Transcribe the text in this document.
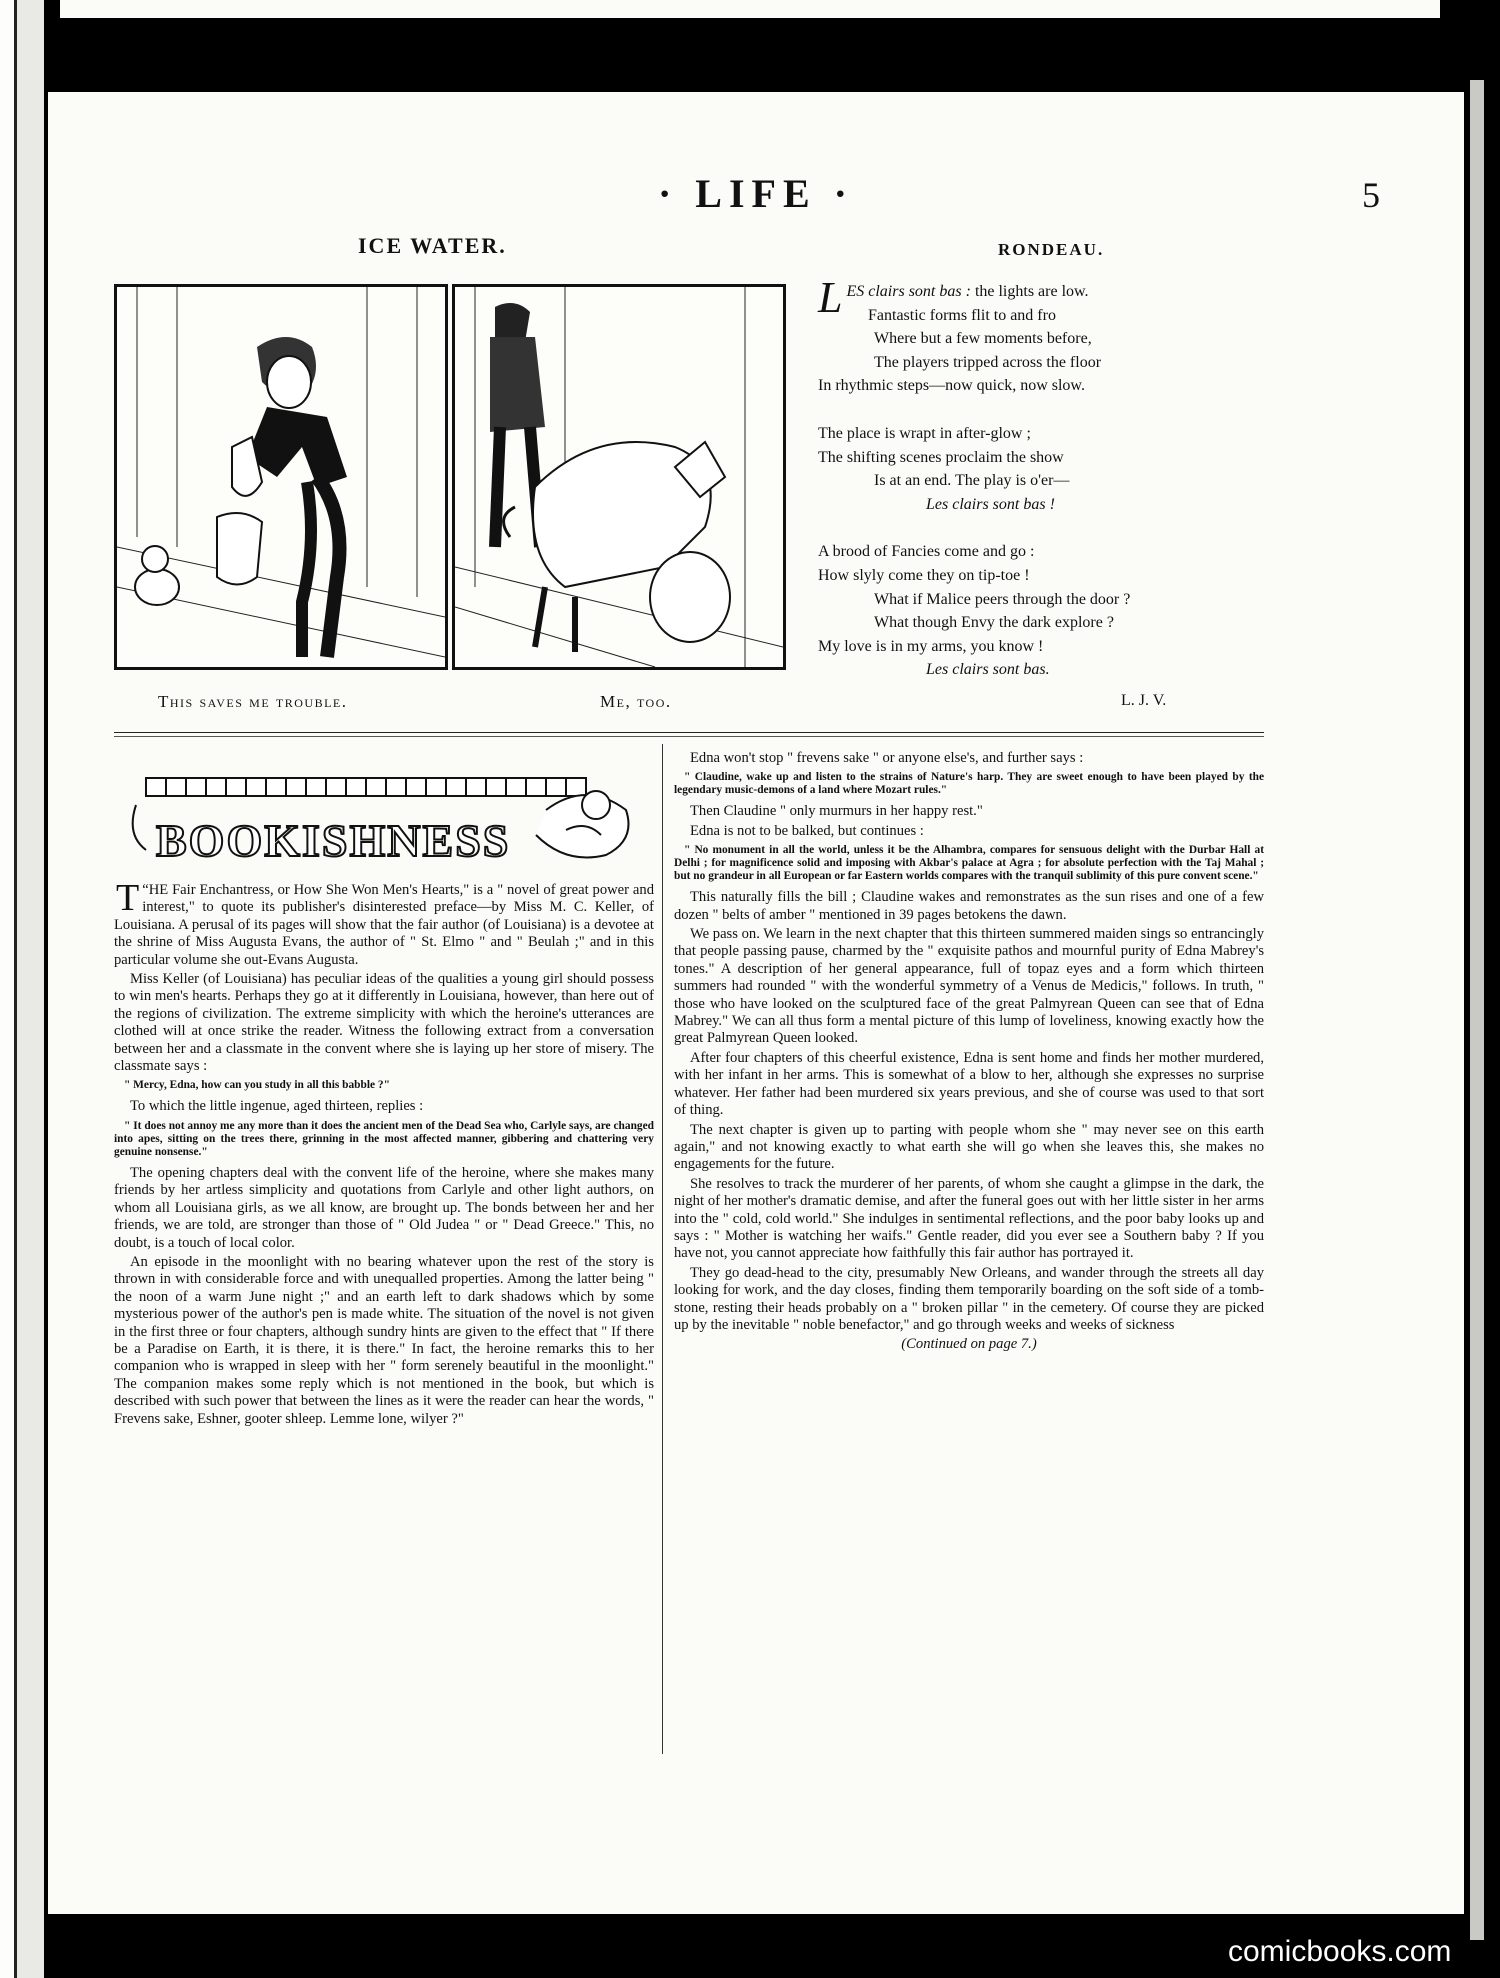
· LIFE ·	5
ICE WATER.	RONDEAU.
This saves me trouble.	Me, too.

L ES clairs sont bas : the lights are low.

Fantastic forms flit to and fro

Where but a few moments before,

The players tripped across the floor

In rhythmic steps—now quick, now slow.

The place is wrapt in after-glow ;

The shifting scenes proclaim the show

Is at an end. The play is o'er—

Les clairs sont bas !

A brood of Fancies come and go :

How slyly come they on tip-toe !

What if Malice peers through the door ?

What though Envy the dark explore ?

My love is in my arms, you know !

Les clairs sont bas.

L. J. V.
BOOKISHNESS

“
T HE Fair Enchantress, or How She Won Men's Hearts," is a " novel of great power and interest," to quote its publisher's disinterested preface—by Miss M. C. Keller, of Louisiana. A perusal of its pages will show that the fair author (of Louisiana) is a devotee at the shrine of Miss Augusta Evans, the author of " St. Elmo " and " Beulah ;" and in this particular volume she out-Evans Augusta.

Miss Keller (of Louisiana) has peculiar ideas of the qualities a young girl should possess to win men's hearts. Perhaps they go at it differently in Louisiana, however, than here out of the regions of civilization. The extreme simplicity with which the heroine's utterances are clothed will at once strike the reader. Witness the following extract from a conversation between her and a classmate in the convent where she is laying up her store of misery. The classmate says :

" Mercy, Edna, how can you study in all this babble ?"

To which the little ingenue, aged thirteen, replies :

" It does not annoy me any more than it does the ancient men of the Dead Sea who, Carlyle says, are changed into apes, sitting on the trees there, grinning in the most affected manner, gibbering and chattering very genuine nonsense."

The opening chapters deal with the convent life of the heroine, where she makes many friends by her artless simplicity and quotations from Carlyle and other light authors, on whom all Louisiana girls, as we all know, are brought up. The bonds between her and her friends, we are told, are stronger than those of " Old Judea " or " Dead Greece." This, no doubt, is a touch of local color.

An episode in the moonlight with no bearing whatever upon the rest of the story is thrown in with considerable force and with unequalled properties. Among the latter being " the noon of a warm June night ;" and an earth left to dark shadows which by some mysterious power of the author's pen is made white. The situation of the novel is not given in the first three or four chapters, although sundry hints are given to the effect that " If there be a Paradise on Earth, it is there, it is there." In fact, the heroine remarks this to her companion who is wrapped in sleep with her " form serenely beautiful in the moonlight." The companion makes some reply which is not mentioned in the book, but which is described with such power that between the lines as it were the reader can hear the words, " Frevens sake, Eshner, gooter shleep. Lemme lone, wilyer ?"

Edna won't stop " frevens sake " or anyone else's, and further says :

" Claudine, wake up and listen to the strains of Nature's harp. They are sweet enough to have been played by the legendary music-demons of a land where Mozart rules."

Then Claudine " only murmurs in her happy rest."

Edna is not to be balked, but continues :

" No monument in all the world, unless it be the Alhambra, compares for sensuous delight with the Durbar Hall at Delhi ; for magnificence solid and imposing with Akbar's palace at Agra ; for absolute perfection with the Taj Mahal ; but no grandeur in all European or far Eastern worlds compares with the tranquil sublimity of this pure convent scene."

This naturally fills the bill ; Claudine wakes and remonstrates as the sun rises and one of a few dozen " belts of amber " mentioned in 39 pages betokens the dawn.

We pass on. We learn in the next chapter that this thirteen summered maiden sings so entrancingly that people passing pause, charmed by the " exquisite pathos and mournful purity of Edna Mabrey's tones." A description of her general appearance, full of topaz eyes and a form which thirteen summers had rounded " with the wonderful symmetry of a Venus de Medicis," follows. In truth, " those who have looked on the sculptured face of the great Palmyrean Queen can see that of Edna Mabrey." We can all thus form a mental picture of this lump of loveliness, knowing exactly how the great Palmyrean Queen looked.

After four chapters of this cheerful existence, Edna is sent home and finds her mother murdered, with her infant in her arms. This is somewhat of a blow to her, although she expresses no surprise whatever. Her father had been murdered six years previous, and she of course was used to that sort of thing.

The next chapter is given up to parting with people whom she " may never see on this earth again," and not knowing exactly to what earth she will go when she leaves this, she makes no engagements for the future.

She resolves to track the murderer of her parents, of whom she caught a glimpse in the dark, the night of her mother's dramatic demise, and after the funeral goes out with her little sister in her arms into the " cold, cold world." She indulges in sentimental reflections, and the poor baby looks up and says : " Mother is watching her waifs." Gentle reader, did you ever see a Southern baby ? If you have not, you cannot appreciate how faithfully this fair author has portrayed it.

They go dead-head to the city, presumably New Orleans, and wander through the streets all day looking for work, and the day closes, finding them temporarily boarding on the soft side of a tomb-stone, resting their heads probably on a " broken pillar " in the cemetery. Of course they are picked up by the inevitable " noble benefactor," and go through weeks and weeks of sickness

(Continued on page 7.)
comicbooks.com
